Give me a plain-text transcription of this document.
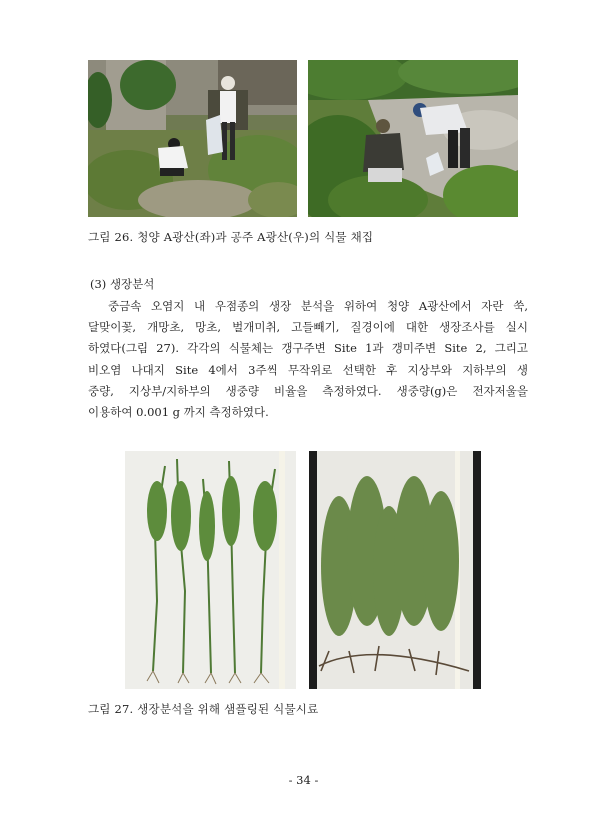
그림 26. 청양 A광산(좌)과 공주 A광산(우)의 식물 채집
(3) 생장분석
중금속 오염지 내 우점종의 생장 분석을 위하여 청양 A광산에서 자란 쑥,
달맞이꽃, 개망초, 망초, 벌개미취, 고들빼기, 질경이에 대한 생장조사를 실시
하였다(그림 27). 각각의 식물체는 갱구주변 Site 1과 갱미주변 Site 2, 그리고
비오염 나대지 Site 4에서 3주씩 무작위로 선택한 후 지상부와 지하부의 생
중량, 지상부/지하부의 생중량 비율을 측정하였다. 생중량(g)은 전자저울을
이용하여 0.001 g 까지 측정하였다.
그림 27. 생장분석을 위해 샘플링된 식물시료
- 34 -
